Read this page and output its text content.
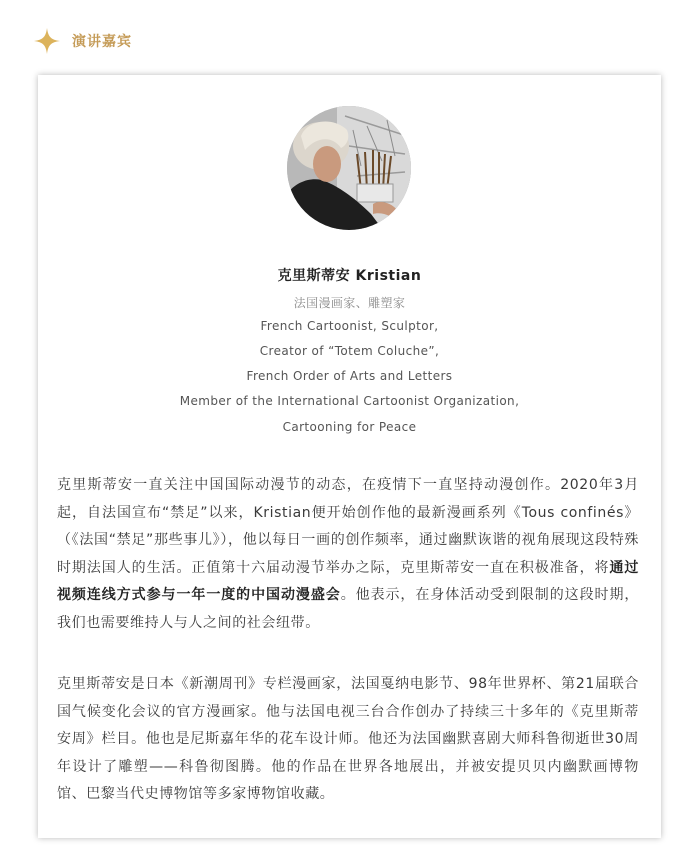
演讲嘉宾
克里斯蒂安 Kristian
法国漫画家、雕塑家
French Cartoonist, Sculptor,
Creator of “Totem Coluche”,
French Order of Arts and Letters
Member of the International Cartoonist Organization,
Cartooning for Peace

克里斯蒂安一直关注中国国际动漫节的动态，在疫情下一直坚持动漫创作。2020年3月起，自法国宣布“禁足”以来，Kristian便开始创作他的最新漫画系列《Tous confinés》（《法国“禁足”那些事儿》），他以每日一画的创作频率，通过幽默诙谐的视角展现这段特殊时期法国人的生活。正值第十六届动漫节举办之际，克里斯蒂安一直在积极准备，将通过视频连线方式参与一年一度的中国动漫盛会。他表示，在身体活动受到限制的这段时期，我们也需要维持人与人之间的社会纽带。

克里斯蒂安是日本《新潮周刊》专栏漫画家，法国戛纳电影节、98年世界杯、第21届联合国气候变化会议的官方漫画家。他与法国电视三台合作创办了持续三十多年的《克里斯蒂安周》栏目。他也是尼斯嘉年华的花车设计师。他还为法国幽默喜剧大师科鲁彻逝世30周年设计了雕塑——科鲁彻图腾。他的作品在世界各地展出，并被安提贝贝内幽默画博物馆、巴黎当代史博物馆等多家博物馆收藏。
